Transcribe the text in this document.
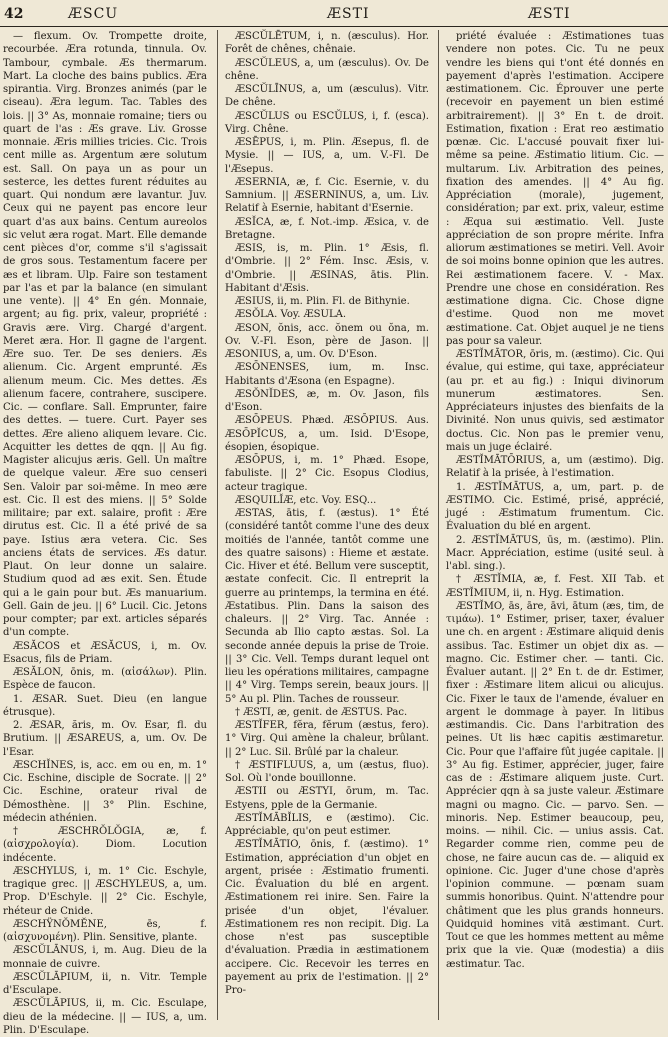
42	ÆSCU	ÆSTI	ÆSTI

— flexum. Ov. Trompette droite, recourbée. Æra rotunda, tinnula. Ov. Tambour, cymbale. Æs thermarum. Mart. La cloche des bains publics. Æra spirantia. Virg. Bronzes animés (par le ciseau). Æra legum. Tac. Tables des lois. || 3° As, monnaie romaine; tiers ou quart de l'as : Æs grave. Liv. Grosse monnaie. Æris millies tricies. Cic. Trois cent mille as. Argentum ære solutum est. Sall. On paya un as pour un sesterce, les dettes furent réduites au quart. Qui nondum ære lavantur. Juv. Ceux qui ne payent pas encore leur quart d'as aux bains. Centum aureolos sic velut æra rogat. Mart. Elle demande cent pièces d'or, comme s'il s'agissait de gros sous. Testamentum facere per æs et libram. Ulp. Faire son testament par l'as et par la balance (en simulant une vente). || 4° En gén. Monnaie, argent; au fig. prix, valeur, propriété : Gravis ære. Virg. Chargé d'argent. Meret æra. Hor. Il gagne de l'argent. Ære suo. Ter. De ses deniers. Æs alienum. Cic. Argent emprunté. Æs alienum meum. Cic. Mes dettes. Æs alienum facere, contrahere, suscipere. Cic. — conflare. Sall. Emprunter, faire des dettes. — tuere. Curt. Payer ses dettes. Ære alieno aliquem levare. Cic. Acquitter les dettes de qqn. || Au fig. Magister alicujus æris. Gell. Un maître de quelque valeur. Ære suo censeri Sen. Valoir par soi-même. In meo ære est. Cic. Il est des miens. || 5° Solde militaire; par ext. salaire, profit : Ære dirutus est. Cic. Il a été privé de sa paye. Istius æra vetera. Cic. Ses anciens états de services. Æs datur. Plaut. On leur donne un salaire. Studium quod ad æs exit. Sen. Étude qui a le gain pour but. Æs manuarium. Gell. Gain de jeu. || 6° Lucil. Cic. Jetons pour compter; par ext. articles séparés d'un compte.

ÆSĂCOS et ÆSĂCUS, i, m. Ov. Esacus, fils de Priam.

ÆSĂLON, ōnis, m. (αἰσάλων). Plin. Espèce de faucon.

1. ÆSAR. Suet. Dieu (en langue étrusque).

2. ÆSAR, ăris, m. Ov. Esar, fl. du Brutium. || ÆSAREUS, a, um. Ov. De l'Esar.

ÆSCHĬNES, is, acc. em ou en, m. 1° Cic. Eschine, disciple de Socrate. || 2° Cic. Eschine, orateur rival de Démosthène. || 3° Plin. Eschine, médecin athénien.

† ÆSCHRŎLŎGIA, æ, f. (αἰσχρολογία). Diom. Locution indécente.

ÆSCHYLUS, i, m. 1° Cic. Eschyle, tragique grec. || ÆSCHYLEUS, a, um. Prop. D'Eschyle. || 2° Cic. Eschyle, rhéteur de Cnide.

ÆSCHŸNŎMĔNE, ēs, f. (αἰσχυνομένη). Plin. Sensitive, plante.

ÆSCŬLĀNUS, i, m. Aug. Dieu de la monnaie de cuivre.

ÆSCŬLĀPIUM, ii, n. Vitr. Temple d'Esculape.

ÆSCŬLĀPIUS, ii, m. Cic. Esculape, dieu de la médecine. || — IUS, a, um. Plin. D'Esculape.

ÆSCŬLĒTUM, i, n. (æsculus). Hor. Forêt de chênes, chênaie.

ÆSCŬLEUS, a, um (æsculus). Ov. De chêne.

ÆSCŬLĪNUS, a, um (æsculus). Vitr. De chêne.

ÆSCŬLUS ou ESCŬLUS, i, f. (esca). Virg. Chêne.

ÆSĒPUS, i, m. Plin. Æsepus, fl. de Mysie. || — IUS, a, um. V.-Fl. De l'Æsepus.

ÆSERNIA, æ, f. Cic. Esernie, v. du Samnium. || ÆSERNINUS, a, um. Liv. Relatif à Esernie, habitant d'Esernie.

ÆSĬCA, æ, f. Not.-imp. Æsica, v. de Bretagne.

ÆSIS, is, m. Plin. 1° Æsis, fl. d'Ombrie. || 2° Fém. Insc. Æsis, v. d'Ombrie. || ÆSINAS, ātis. Plin. Habitant d'Æsis.

ÆSIUS, ii, m. Plin. Fl. de Bithynie.

ÆSŎLA. Voy. ÆSULA.

ÆSON, ŏnis, acc. ŏnem ou ŏna, m. Ov. V.-Fl. Eson, père de Jason. || ÆSONIUS, a, um. Ov. D'Eson.

ÆSŌNENSES, ium, m. Insc. Habitants d'Æsona (en Espagne).

ÆSŎNĬDES, æ, m. Ov. Jason, fils d'Eson.

ÆSŌPEUS. Phæd. ÆSŌPIUS. Aus. ÆSŌPĬCUS, a, um. Isid. D'Esope, ésopien, ésopique.

ÆSŌPUS, i, m. 1° Phæd. Esope, fabuliste. || 2° Cic. Esopus Clodius, acteur tragique.

ÆSQUILĬÆ, etc. Voy. ESQ...

ÆSTAS, ātis, f. (æstus). 1° Été (considéré tantôt comme l'une des deux moitiés de l'année, tantôt comme une des quatre saisons) : Hieme et æstate. Cic. Hiver et été. Bellum vere susceptit, æstate confecit. Cic. Il entreprit la guerre au printemps, la termina en été. Æstatibus. Plin. Dans la saison des chaleurs. || 2° Virg. Tac. Année : Secunda ab Ilio capto æstas. Sol. La seconde année depuis la prise de Troie. || 3° Cic. Vell. Temps durant lequel ont lieu les opérations militaires, campagne || 4° Virg. Temps serein, beaux jours. || 5° Au pl. Plin. Taches de rousseur.

† ÆSTI, æ, genit. de ÆSTUS. Pac.

ÆSTĬFER, fĕra, fĕrum (æstus, fero). 1° Virg. Qui amène la chaleur, brûlant. || 2° Luc. Sil. Brûlé par la chaleur.

† ÆSTIFLUUS, a, um (æstus, fluo). Sol. Où l'onde bouillonne.

ÆSTII ou ÆSTYI, ōrum, m. Tac. Estyens, pple de la Germanie.

ÆSTĬMĀBĬLIS, e (æstimo). Cic. Appréciable, qu'on peut estimer.

ÆSTĬMĀTIO, ōnis, f. (æstimo). 1° Estimation, appréciation d'un objet en argent, prisée : Æstimatio frumenti. Cic. Évaluation du blé en argent. Æstimationem rei inire. Sen. Faire la prisée d'un objet, l'évaluer. Æstimationem res non recipit. Dig. La chose n'est pas susceptible d'évaluation. Prædia in æstimationem accipere. Cic. Recevoir les terres en payement au prix de l'estimation. || 2° Pro-

priété évaluée : Æstimationes tuas vendere non potes. Cic. Tu ne peux vendre les biens qui t'ont été donnés en payement d'après l'estimation. Accipere æstimationem. Cic. Éprouver une perte (recevoir en payement un bien estimé arbitrairement). || 3° En t. de droit. Estimation, fixation : Erat reo æstimatio pœnæ. Cic. L'accusé pouvait fixer lui-même sa peine. Æstimatio litium. Cic. — multarum. Liv. Arbitration des peines, fixation des amendes. || 4° Au fig. Appréciation (morale), jugement, considération; par ext. prix, valeur, estime : Æqua sui æstimatio. Vell. Juste appréciation de son propre mérite. Infra aliorum æstimationes se metiri. Vell. Avoir de soi moins bonne opinion que les autres. Rei æstimationem facere. V. - Max. Prendre une chose en considération. Res æstimatione digna. Cic. Chose digne d'estime. Quod non me movet æstimatione. Cat. Objet auquel je ne tiens pas pour sa valeur.

ÆSTĬMĀTOR, ōris, m. (æstimo). Cic. Qui évalue, qui estime, qui taxe, appréciateur (au pr. et au fig.) : Iniqui divinorum munerum æstimatores. Sen. Appréciateurs injustes des bienfaits de la Divinité. Non unus quivis, sed æstimator doctus. Cic. Non pas le premier venu, mais un juge éclairé.

ÆSTĬMĀTŌRIUS, a, um (æstimo). Dig. Relatif à la prisée, à l'estimation.

1. ÆSTĬMĀTUS, a, um, part. p. de ÆSTIMO. Cic. Estimé, prisé, apprécié, jugé : Æstimatum frumentum. Cic. Évaluation du blé en argent.

2. ÆSTĬMĀTUS, ūs, m. (æstimo). Plin. Macr. Appréciation, estime (usité seul. à l'abl. sing.).

† ÆSTĬMIA, æ, f. Fest. XII Tab. et ÆSTĬMIUM, ii, n. Hyg. Estimation.

ÆSTĬMO, ās, āre, āvi, ātum (æs, tim, de τιμάω). 1° Estimer, priser, taxer, évaluer une ch. en argent : Æstimare aliquid denis assibus. Tac. Estimer un objet dix as. — magno. Cic. Estimer cher. — tanti. Cic. Évaluer autant. || 2° En t. de dr. Estimer, fixer : Æstimare litem alicui ou alicujus. Cic. Fixer le taux de l'amende, évaluer en argent le dommage à payer. In litibus æstimandis. Cic. Dans l'arbitration des peines. Ut lis hæc capitis æstimaretur. Cic. Pour que l'affaire fût jugée capitale. || 3° Au fig. Estimer, apprécier, juger, faire cas de : Æstimare aliquem juste. Curt. Apprécier qqn à sa juste valeur. Æstimare magni ou magno. Cic. — parvo. Sen. — minoris. Nep. Estimer beaucoup, peu, moins. — nihil. Cic. — unius assis. Cat. Regarder comme rien, comme peu de chose, ne faire aucun cas de. — aliquid ex opinione. Cic. Juger d'une chose d'après l'opinion commune. — pœnam suam summis honoribus. Quint. N'attendre pour châtiment que les plus grands honneurs. Quidquid homines vitā æstimant. Curt. Tout ce que les hommes mettent au même prix que la vie. Quæ (modestia) a diis æstimatur. Tac.
